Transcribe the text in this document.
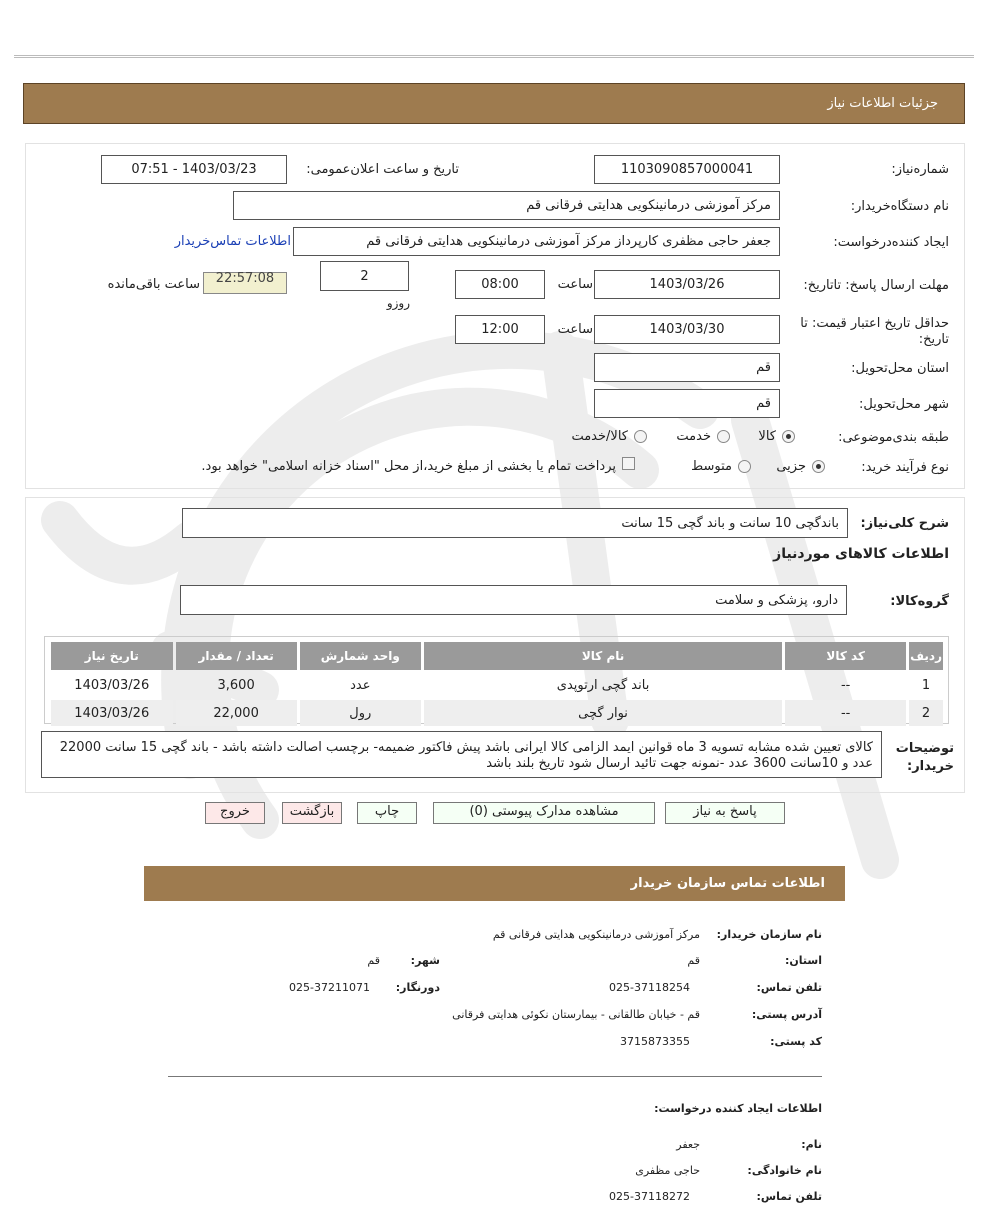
جزئیات اطلاعات نیاز
شماره‌نیاز:
1103090857000041
تاریخ و ساعت اعلان‌عمومی:
1403/03/23 - 07:51
نام دستگاه‌خریدار:
مرکز آموزشی درمانینکویی هدایتی فرقانی قم
ایجاد کننده‌درخواست:
جعفر حاجی مظفری کارپرداز مرکز آموزشی درمانینکویی هدایتی فرقانی قم
اطلاعات تماس‌خریدار
مهلت ارسال پاسخ: تاتاریخ:
1403/03/26
ساعت
08:00
2
روزو
22:57:08
ساعت باقی‌مانده
حداقل تاریخ اعتبار قیمت: تا تاریخ:
1403/03/30
ساعت
12:00
استان محل‌تحویل:
قم
شهر محل‌تحویل:
قم
طبقه بندی‌موضوعی:
کالا
خدمت
کالا/خدمت
نوع فرآیند خرید:
جزیی
متوسط
پرداخت تمام یا بخشی از مبلغ خرید،از محل "اسناد خزانه اسلامی" خواهد بود.
شرح کلی‌نیاز:
باندگچی 10 سانت و باند گچی 15 سانت
اطلاعات کالاهای مورد‌نیاز
گروه‌کالا:
دارو، پزشکی و سلامت
ردیف	کد کالا	نام کالا	واحد شمارش	تعداد / مقدار	تاریخ نیاز
1	--	باند گچی ارتوپدی	عدد	3,600	1403/03/26
2	--	نوار گچی	رول	22,000	1403/03/26
توضیحات خریدار:
کالای تعیین شده مشابه تسویه 3 ماه قوانین ایمد الزامی کالا ایرانی باشد پیش فاکتور ضمیمه- برچسب اصالت داشته باشد - باند گچی 15 سانت 22000 عدد و 10سانت 3600 عدد -نمونه جهت تائید ارسال شود تاریخ بلند باشد
پاسخ به نیاز
مشاهده مدارک پیوستی (0)
چاپ
بازگشت
خروج
اطلاعات تماس سازمان خریدار
نام سازمان خریدار:
مرکز آموزشی درمانینکویی هدایتی فرقانی قم
استان:
قم
شهر:
قم
تلفن تماس:
025-37118254
دورنگار:
025-37211071
آدرس پستی:
قم - خیابان طالقانی - بیمارستان نکوئی هدایتی فرقانی
کد پستی:
3715873355
اطلاعات ایجاد کننده درخواست:
نام:
جعفر
نام خانوادگی:
حاجی مظفری
تلفن تماس:
025-37118272
